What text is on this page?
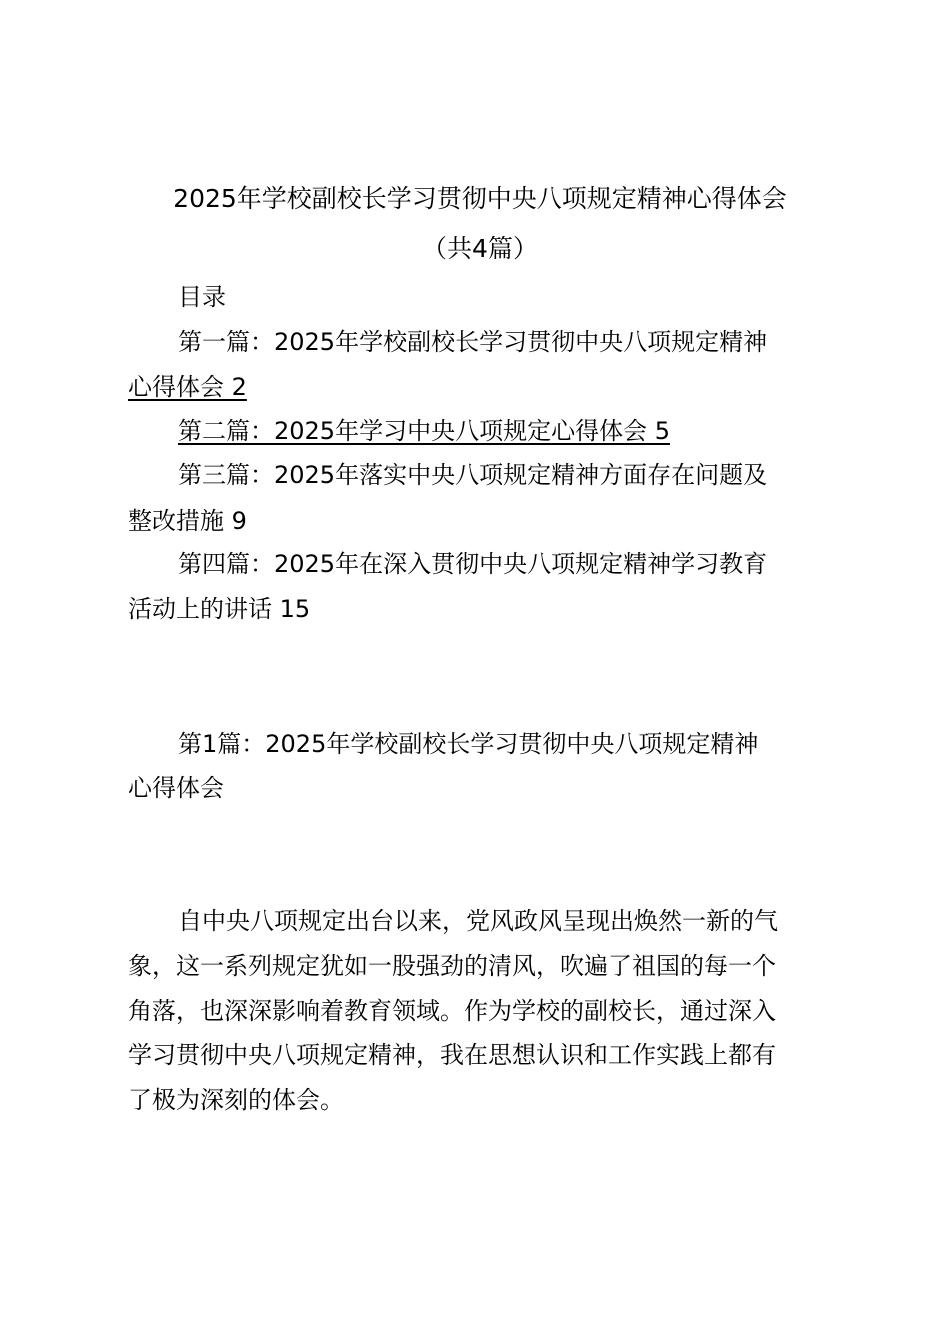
2025年学校副校长学习贯彻中央八项规定精神心得体会
（共4篇）
目录
第一篇：2025年学校副校长学习贯彻中央八项规定精神
心得体会 2
第二篇：2025年学习中央八项规定心得体会 5
第三篇：2025年落实中央八项规定精神方面存在问题及
整改措施 9
第四篇：2025年在深入贯彻中央八项规定精神学习教育
活动上的讲话 15
第1篇：2025年学校副校长学习贯彻中央八项规定精神
心得体会
自中央八项规定出台以来，党风政风呈现出焕然一新的气
象，这一系列规定犹如一股强劲的清风，吹遍了祖国的每一个
角落，也深深影响着教育领域。作为学校的副校长，通过深入
学习贯彻中央八项规定精神，我在思想认识和工作实践上都有
了极为深刻的体会。
